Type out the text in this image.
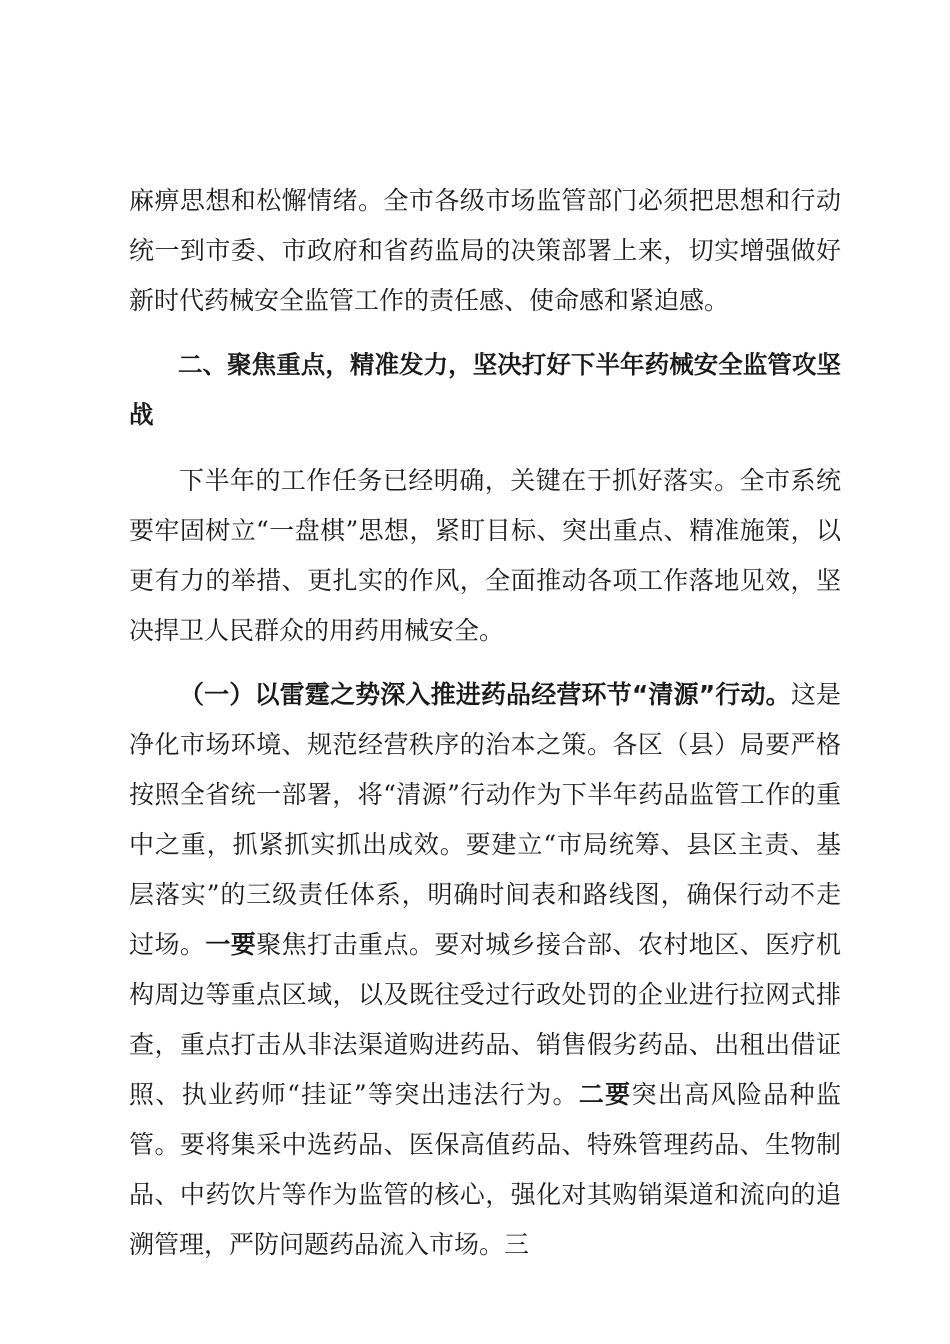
麻痹思想和松懈情绪。全市各级市场监管部门必须把思想和行动统一到市委、市政府和省药监局的决策部署上来，切实增强做好新时代药械安全监管工作的责任感、使命感和紧迫感。

二、聚焦重点，精准发力，坚决打好下半年药械安全监管攻坚战

下半年的工作任务已经明确，关键在于抓好落实。全市系统要牢固树立“一盘棋”思想，紧盯目标、突出重点、精准施策，以更有力的举措、更扎实的作风，全面推动各项工作落地见效，坚决捍卫人民群众的用药用械安全。

（一）以雷霆之势深入推进药品经营环节“清源”行动。这是净化市场环境、规范经营秩序的治本之策。各区（县）局要严格按照全省统一部署，将“清源”行动作为下半年药品监管工作的重中之重，抓紧抓实抓出成效。要建立“市局统筹、县区主责、基层落实”的三级责任体系，明确时间表和路线图，确保行动不走过场。一要聚焦打击重点。要对城乡接合部、农村地区、医疗机构周边等重点区域，以及既往受过行政处罚的企业进行拉网式排查，重点打击从非法渠道购进药品、销售假劣药品、出租出借证照、执业药师“挂证”等突出违法行为。二要突出高风险品种监管。要将集采中选药品、医保高值药品、特殊管理药品、生物制品、中药饮片等作为监管的核心，强化对其购销渠道和流向的追溯管理，严防问题药品流入市场。三
